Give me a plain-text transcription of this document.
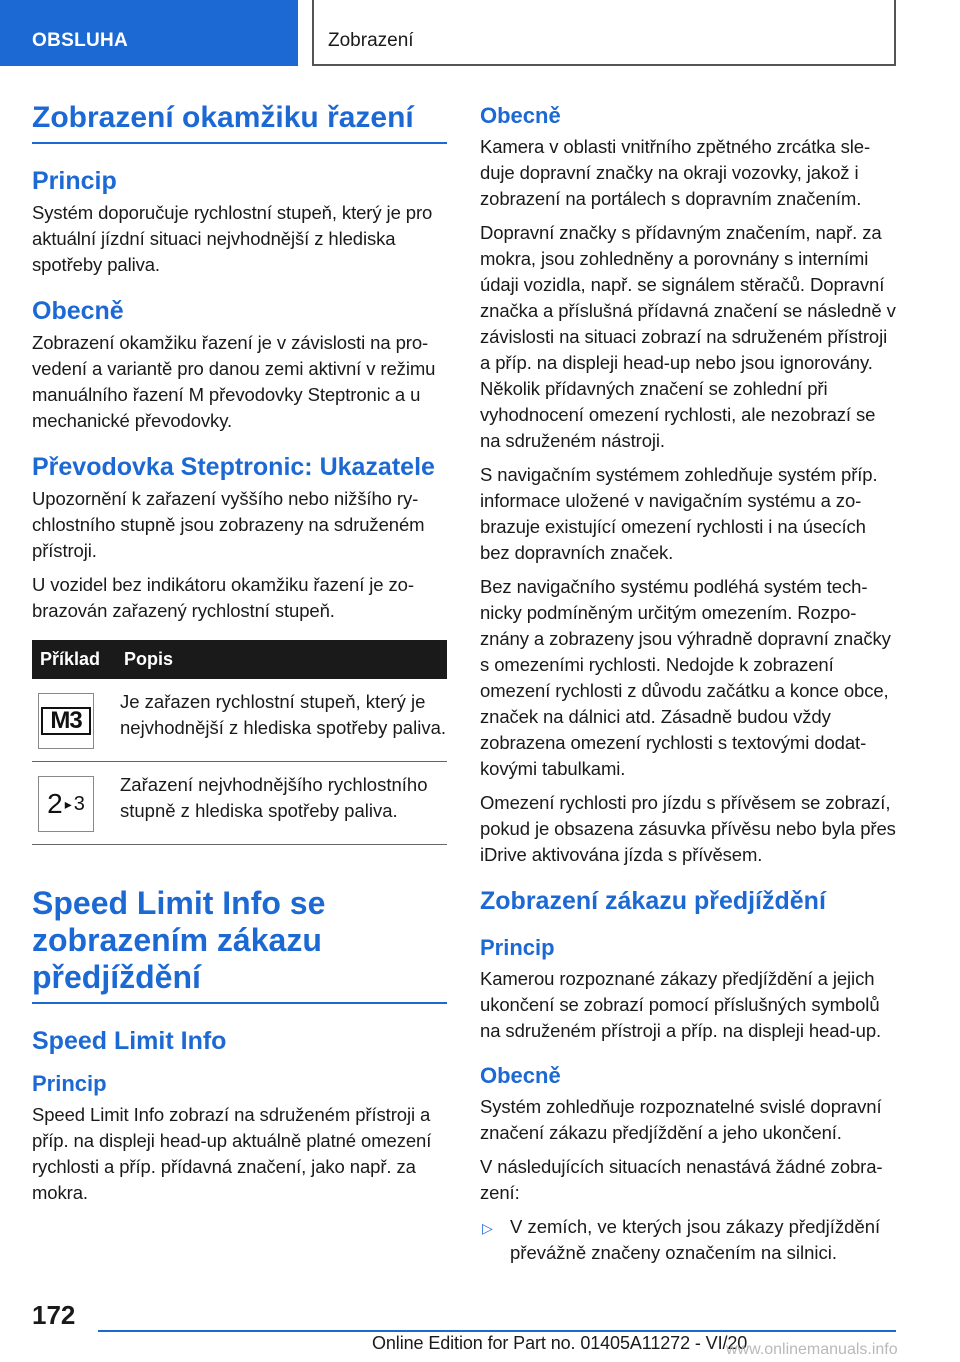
OBSLUHA	Zobrazení
Zobrazení okamžiku řazení
Princip

Systém doporučuje rychlostní stupeň, který je pro aktuální jízdní situaci nejvhodnější z hlediska spotřeby paliva.

Obecně

Zobrazení okamžiku řazení je v závislosti na provedení a variantě pro danou zemi aktivní v režimu manuálního řazení M převodovky Steptronic a u mechanické převodovky.

Převodovka Steptronic: Ukazatele

Upozornění k zařazení vyššího nebo nižšího rychlostního stupně jsou zobrazeny na sdruženém přístroji.

U vozidel bez indikátoru okamžiku řazení je zobrazován zařazený rychlostní stupeň.

Příklad	Popis

M3	Je zařazen rychlostní stupeň, který je nejvhodnější z hlediska spotřeby paliva.

2 ▸ 3	Zařazení nejvhodnějšího rychlostního stupně z hlediska spotřeby paliva.
Speed Limit Info se zobrazením zákazu předjíždění
Speed Limit Info
Princip

Speed Limit Info zobrazí na sdruženém přístroji a příp. na displeji head-up aktuálně platné omezení rychlosti a příp. přídavná značení, jako např. za mokra.

Obecně

Kamera v oblasti vnitřního zpětného zrcátka sleduje dopravní značky na okraji vozovky, jakož i zobrazení na portálech s dopravním značením.

Dopravní značky s přídavným značením, např. za mokra, jsou zohledněny a porovnány s interními údaji vozidla, např. se signálem stěračů. Dopravní značka a příslušná přídavná značení se následně v závislosti na situaci zobrazí na sdruženém přístroji a příp. na displeji head-up nebo jsou ignorovány. Několik přídavných značení se zohlední při vyhodnocení omezení rychlosti, ale nezobrazí se na sdruženém nástroji.

S navigačním systémem zohledňuje systém příp. informace uložené v navigačním systému a zobrazuje existující omezení rychlosti i na úsecích bez dopravních značek.

Bez navigačního systému podléhá systém technicky podmíněným určitým omezením. Rozpoznány a zobrazeny jsou výhradně dopravní značky s omezeními rychlosti. Nedojde k zobrazení omezení rychlosti z důvodu začátku a konce obce, značek na dálnici atd. Zásadně budou vždy zobrazena omezení rychlosti s textovými dodatkovými tabulkami.

Omezení rychlosti pro jízdu s přívěsem se zobrazí, pokud je obsazena zásuvka přívěsu nebo byla přes iDrive aktivována jízda s přívěsem.

Zobrazení zákazu předjíždění
Princip

Kamerou rozpoznané zákazy předjíždění a jejich ukončení se zobrazí pomocí příslušných symbolů na sdruženém přístroji a příp. na displeji head-up.

Obecně

Systém zohledňuje rozpoznatelné svislé dopravní značení zákazu předjíždění a jeho ukončení.

V následujících situacích nenastává žádné zobrazení:

▷ V zemích, ve kterých jsou zákazy předjíždění převážně značeny označením na silnici.
172
Online Edition for Part no. 01405A11272 - VI/20
www.onlinemanuals.info
